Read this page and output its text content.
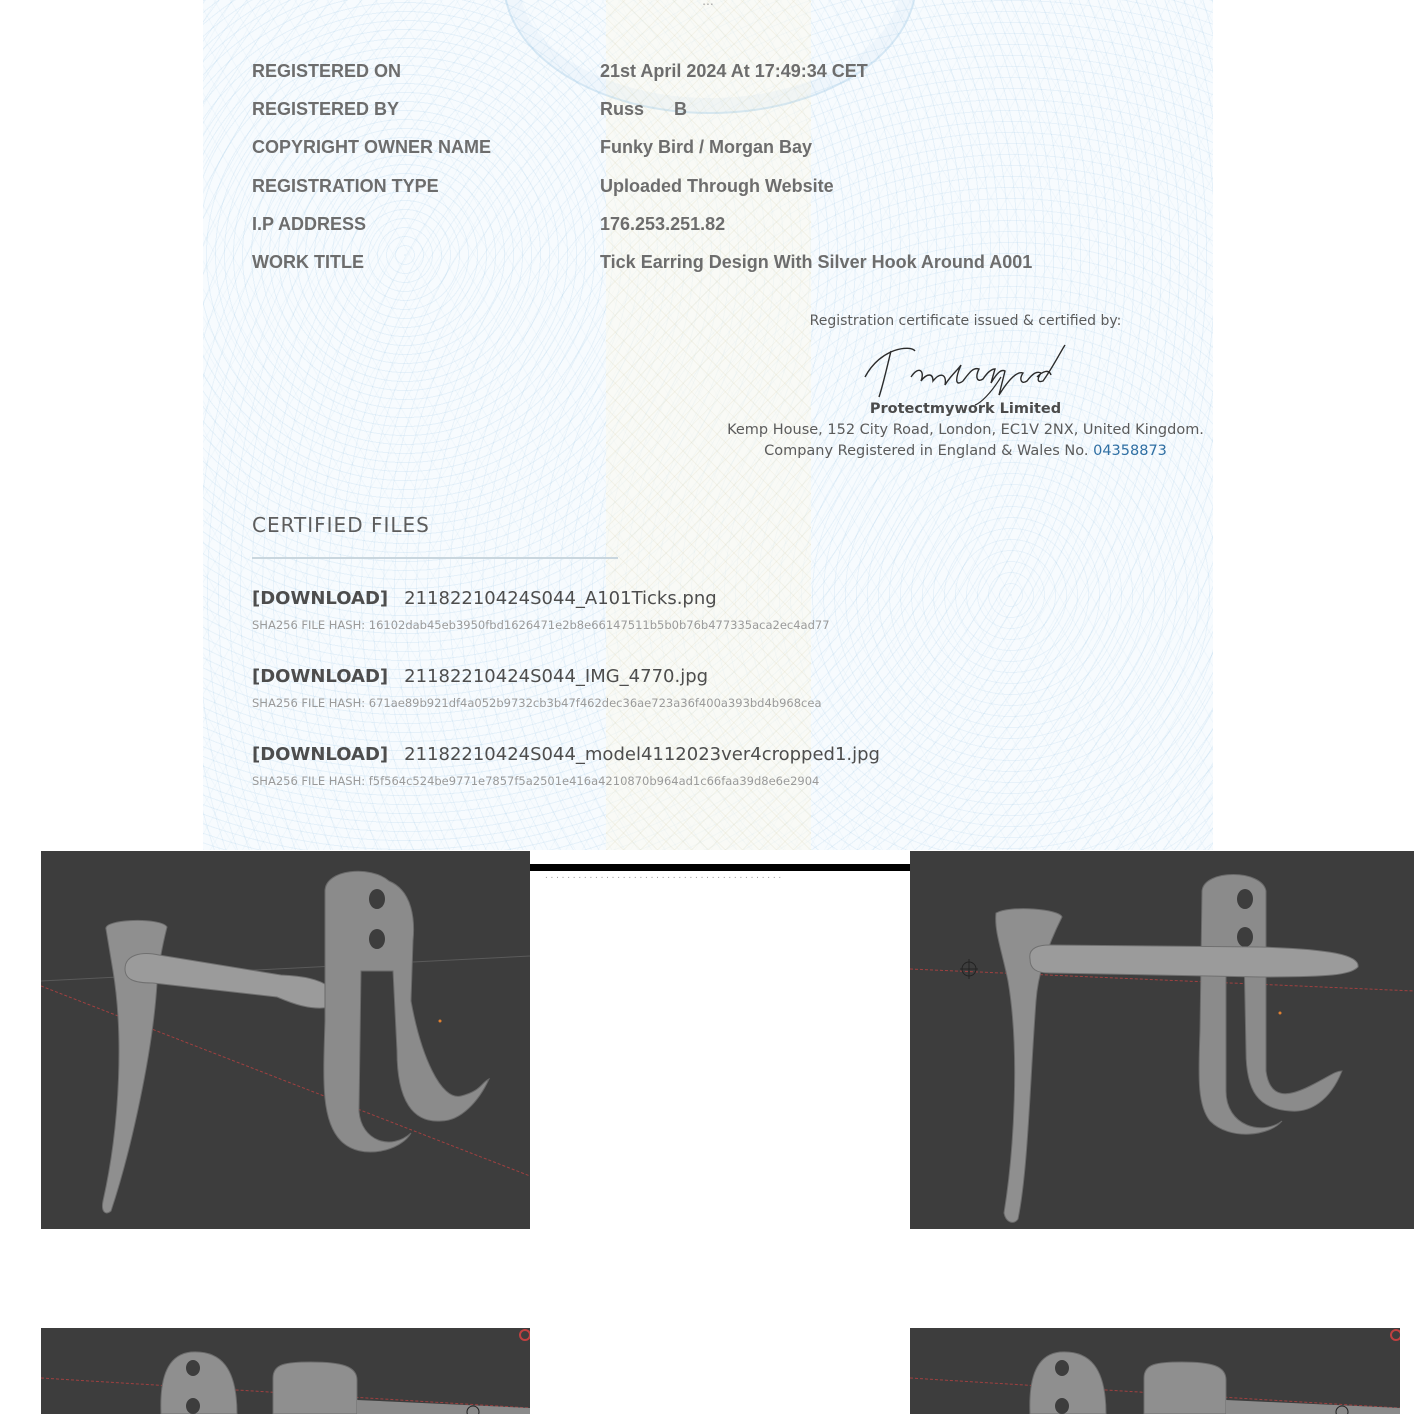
...
REGISTERED ON	21st April 2024 At 17:49:34 CET
REGISTERED BY	Russ      B
COPYRIGHT OWNER NAME	Funky Bird / Morgan Bay
REGISTRATION TYPE	Uploaded Through Website
I.P ADDRESS	176.253.251.82
WORK TITLE	Tick Earring Design With Silver Hook Around A001
Registration certificate issued & certified by:
Protectmywork Limited
Kemp House, 152 City Road, London, EC1V 2NX, United Kingdom.
Company Registered in England & Wales No. 04358873
CERTIFIED FILES
[DOWNLOAD] 21182210424S044_A101Ticks.png
SHA256 FILE HASH: 16102dab45eb3950fbd1626471e2b8e66147511b5b0b76b477335aca2ec4ad77
[DOWNLOAD] 21182210424S044_IMG_4770.jpg
SHA256 FILE HASH: 671ae89b921df4a052b9732cb3b47f462dec36ae723a36f400a393bd4b968cea
[DOWNLOAD] 21182210424S044_model4112023ver4cropped1.jpg
SHA256 FILE HASH: f5f564c524be9771e7857f5a2501e416a4210870b964ad1c66faa39d8e6e2904
. . . . . . . . . . . . . . . . . . . . . . . . . . . . . . . . . . . . . . . . . . .
